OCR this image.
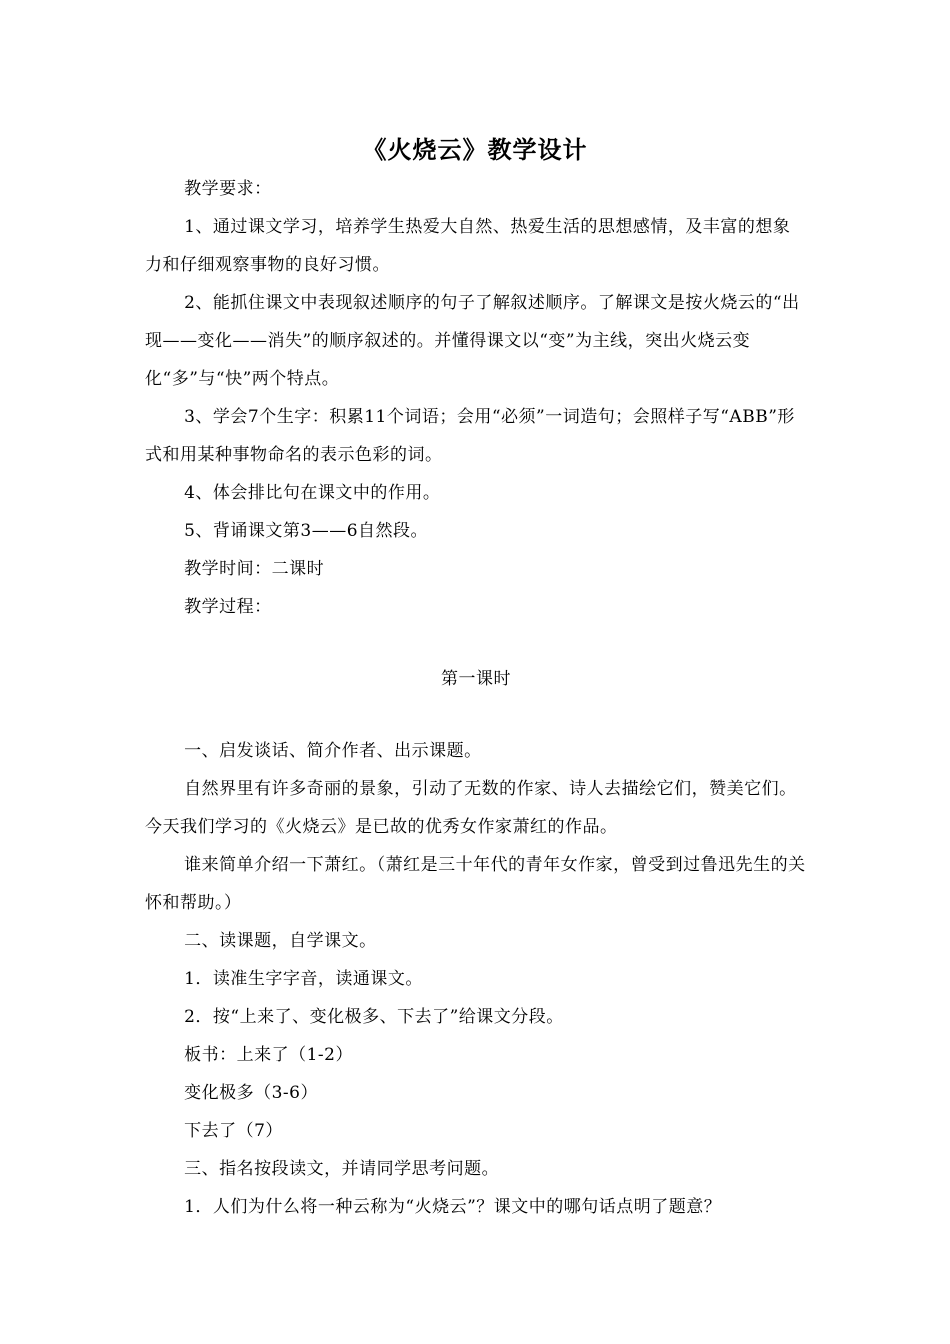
《火烧云》教学设计

教学要求：

1、通过课文学习，培养学生热爱大自然、热爱生活的思想感情，及丰富的想象力和仔细观察事物的良好习惯。

2、能抓住课文中表现叙述顺序的句子了解叙述顺序。了解课文是按火烧云的“出现——变化——消失”的顺序叙述的。并懂得课文以“变”为主线，突出火烧云变化“多”与“快”两个特点。

3、学会7个生字：积累11个词语；会用“必须”一词造句；会照样子写“ABB”形式和用某种事物命名的表示色彩的词。

4、体会排比句在课文中的作用。

5、背诵课文第3——6自然段。

教学时间：二课时

教学过程：

第一课时

一、启发谈话、简介作者、出示课题。

自然界里有许多奇丽的景象，引动了无数的作家、诗人去描绘它们，赞美它们。今天我们学习的《火烧云》是已故的优秀女作家萧红的作品。

谁来简单介绍一下萧红。（萧红是三十年代的青年女作家，曾受到过鲁迅先生的关怀和帮助。）

二、读课题，自学课文。

1．读准生字字音，读通课文。

2．按“上来了、变化极多、下去了”给课文分段。

板书：上来了（1-2）

变化极多（3-6）

下去了（7）

三、指名按段读文，并请同学思考问题。

1．人们为什么将一种云称为“火烧云”？课文中的哪句话点明了题意？
